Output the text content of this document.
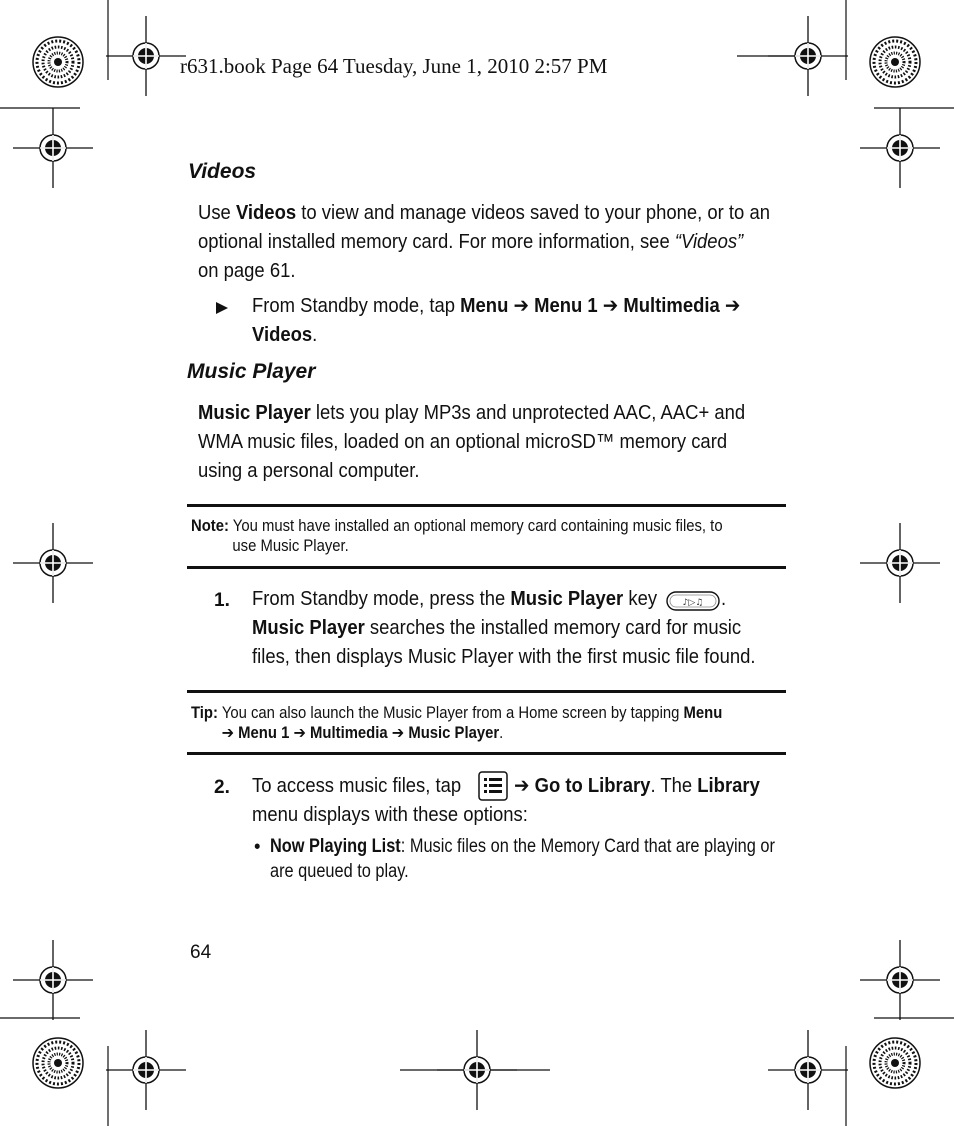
r631.book Page 64 Tuesday, June 1, 2010 2:57 PM
Videos
Use Videos to view and manage videos saved to your phone, or to an
optional installed memory card. For more information, see “Videos”
on page 61.
From Standby mode, tap Menu ➔ Menu 1 ➔ Multimedia ➔
Videos.
Music Player
Music Player lets you play MP3s and unprotected AAC, AAC+ and
WMA music files, loaded on an optional microSD™ memory card
using a personal computer.
Note: You must have installed an optional memory card containing music files, to
use Music Player.
1. From Standby mode, press the Music Player key
Music Player searches the installed memory card for music
files, then displays Music Player with the first music file found.
♪▷♫ .
Tip: You can also launch the Music Player from a Home screen by tapping Menu
➔ Menu 1 ➔ Multimedia ➔ Music Player.
2. To access music files, tap	➔ Go to Library. The Library
menu displays with these options:
• Now Playing List: Music files on the Memory Card that are playing or
are queued to play.
64
